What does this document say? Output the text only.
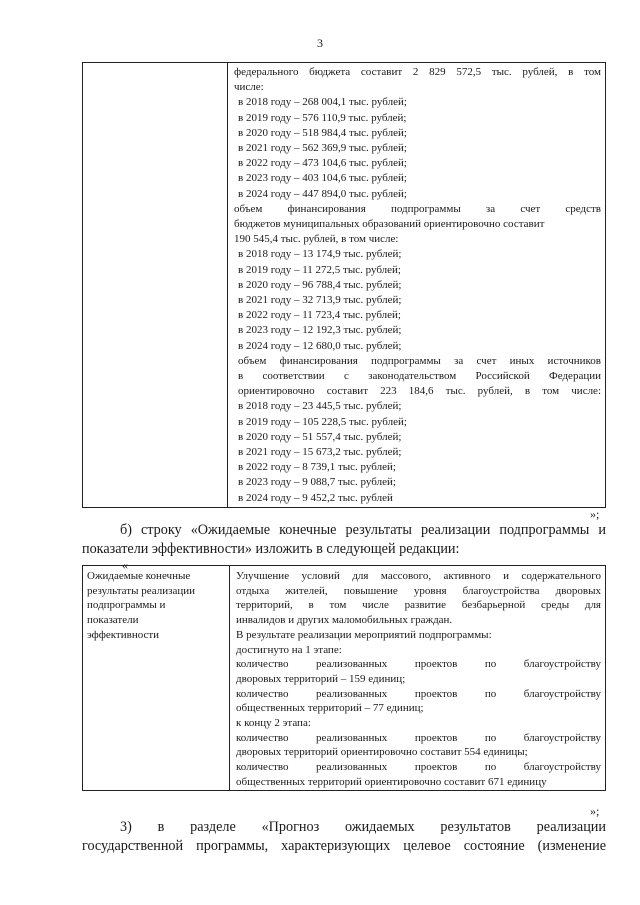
3

федерального бюджета составит 2 829 572,5 тыс. рублей, в том
числе:
в 2018 году – 268 004,1 тыс. рублей;
в 2019 году – 576 110,9 тыс. рублей;
в 2020 году – 518 984,4 тыс. рублей;
в 2021 году – 562 369,9 тыс. рублей;
в 2022 году – 473 104,6 тыс. рублей;
в 2023 году – 403 104,6 тыс. рублей;
в 2024 году – 447 894,0 тыс. рублей;
объем финансирования подпрограммы за счет средств
бюджетов муниципальных образований ориентировочно составит
190 545,4 тыс. рублей, в том числе:
в 2018 году – 13 174,9 тыс. рублей;
в 2019 году – 11 272,5 тыс. рублей;
в 2020 году – 96 788,4 тыс. рублей;
в 2021 году – 32 713,9 тыс. рублей;
в 2022 году – 11 723,4 тыс. рублей;
в 2023 году – 12 192,3 тыс. рублей;
в 2024 году – 12 680,0 тыс. рублей;
объем финансирования подпрограммы за счет иных источников
в соответствии с законодательством Российской Федерации
ориентировочно составит 223 184,6 тыс. рублей, в том числе:
в 2018 году – 23 445,5 тыс. рублей;
в 2019 году – 105 228,5 тыс. рублей;
в 2020 году – 51 557,4 тыс. рублей;
в 2021 году – 15 673,2 тыс. рублей;
в 2022 году – 8 739,1 тыс. рублей;
в 2023 году – 9 088,7 тыс. рублей;
в 2024 году – 9 452,2 тыс. рублей
»;
б) строку «Ожидаемые конечные результаты реализации подпрограммы и
показатели эффективности» изложить в следующей редакции:
«
Ожидаемые конечные
результаты реализации
подпрограммы и
показатели
эффективности

Улучшение условий для массового, активного и содержательного
отдыха жителей, повышение уровня благоустройства дворовых
территорий, в том числе развитие безбарьерной среды для
инвалидов и других маломобильных граждан.
В результате реализации мероприятий подпрограммы:
достигнуто на 1 этапе:
количество реализованных проектов по благоустройству
дворовых территорий – 159 единиц;
количество реализованных проектов по благоустройству
общественных территорий – 77 единиц;
к концу 2 этапа:
количество реализованных проектов по благоустройству
дворовых территорий ориентировочно составит 554 единицы;
количество реализованных проектов по благоустройству
общественных территорий ориентировочно составит 671 единицу
»;
3) в разделе «Прогноз ожидаемых результатов реализации
государственной программы, характеризующих целевое состояние (изменение
